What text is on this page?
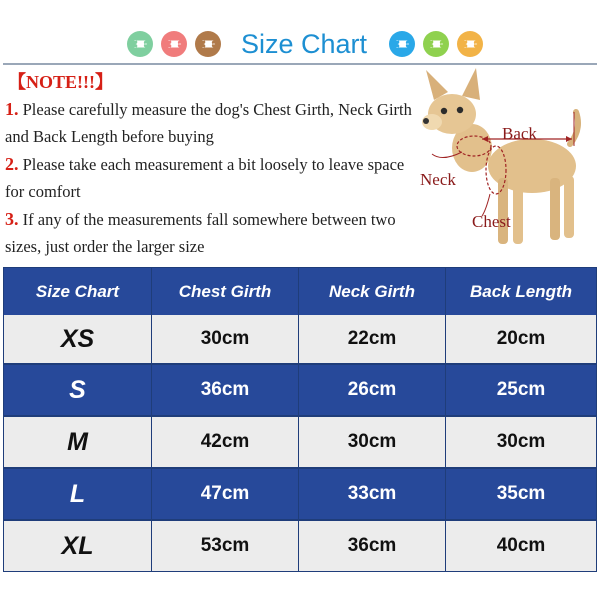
Size Chart
【NOTE!!!】
1. Please carefully measure the dog's Chest Girth, Neck Girth and Back Length before buying
2. Please take each measurement a bit loosely to leave space for comfort
3. If any of the measurements fall somewhere between two sizes, just order the larger size
Back
Neck
Chest
Size Chart	Chest Girth	Neck Girth	Back Length
XS	30cm	22cm	20cm
S	36cm	26cm	25cm
M	42cm	30cm	30cm
L	47cm	33cm	35cm
XL	53cm	36cm	40cm
